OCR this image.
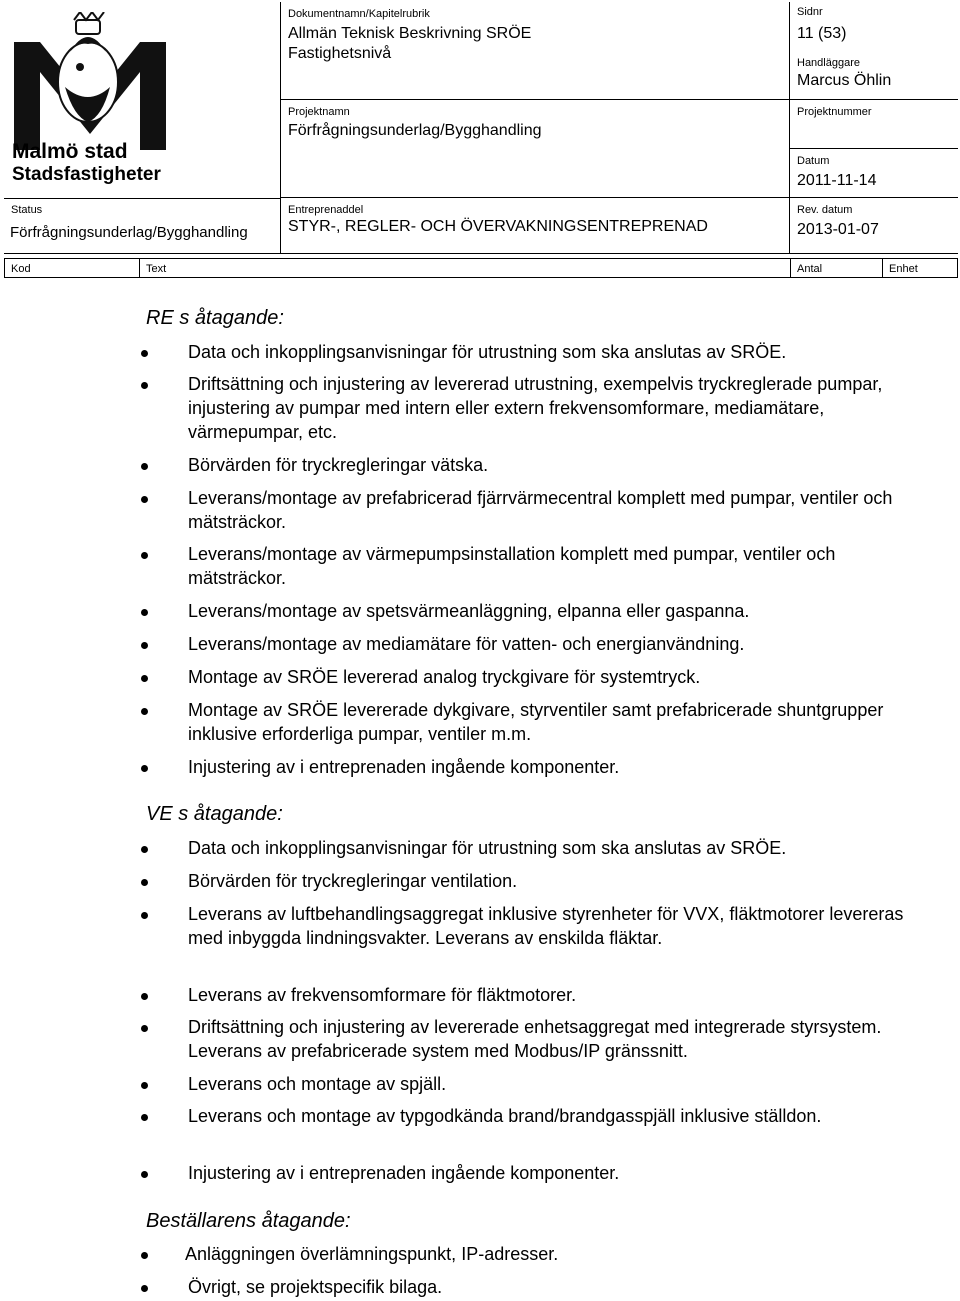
Malmö stad
Stadsfastigheter
Dokumentnamn/Kapitelrubrik
Allmän Teknisk Beskrivning SRÖE
Fastighetsnivå
Sidnr
11 (53)
Handläggare
Marcus Öhlin
Projektnamn
Förfrågningsunderlag/Bygghandling
Projektnummer
Datum
2011-11-14
Status
Förfrågningsunderlag/Bygghandling
Entreprenaddel
STYR-, REGLER- OCH ÖVERVAKNINGSENTREPRENAD
Rev. datum
2013-01-07
Kod	Text	Antal	Enhet
RE s åtagande:
Data och inkopplingsanvisningar för utrustning som ska anslutas av SRÖE.
Driftsättning och injustering av levererad utrustning, exempelvis tryckreglerade pumpar, injustering av pumpar med intern eller extern frekvensomformare, mediamätare, värmepumpar, etc.
Börvärden för tryckregleringar vätska.
Leverans/montage av prefabricerad fjärrvärmecentral komplett med pumpar, ventiler och mätsträckor.
Leverans/montage av värmepumpsinstallation komplett med pumpar, ventiler och mätsträckor.
Leverans/montage av spetsvärmeanläggning, elpanna eller gaspanna.
Leverans/montage av mediamätare för vatten- och energianvändning.
Montage av SRÖE levererad analog tryckgivare för systemtryck.
Montage av SRÖE levererade dykgivare, styrventiler samt prefabricerade shuntgrupper inklusive erforderliga pumpar, ventiler m.m.
Injustering av i entreprenaden ingående komponenter.
VE s åtagande:
Data och inkopplingsanvisningar för utrustning som ska anslutas av SRÖE.
Börvärden för tryckregleringar ventilation.
Leverans av luftbehandlingsaggregat inklusive styrenheter för VVX, fläktmotorer levereras med inbyggda lindningsvakter. Leverans av enskilda fläktar.
Leverans av frekvensomformare för fläktmotorer.
Driftsättning och injustering av levererade enhetsaggregat med integrerade styrsystem. Leverans av prefabricerade system med Modbus/IP gränssnitt.
Leverans och montage av spjäll.
Leverans och montage av typgodkända brand/brandgasspjäll inklusive ställdon.
Injustering av i entreprenaden ingående komponenter.
Beställarens åtagande:
Anläggningen överlämningspunkt, IP-adresser.
Övrigt, se projektspecifik bilaga.
